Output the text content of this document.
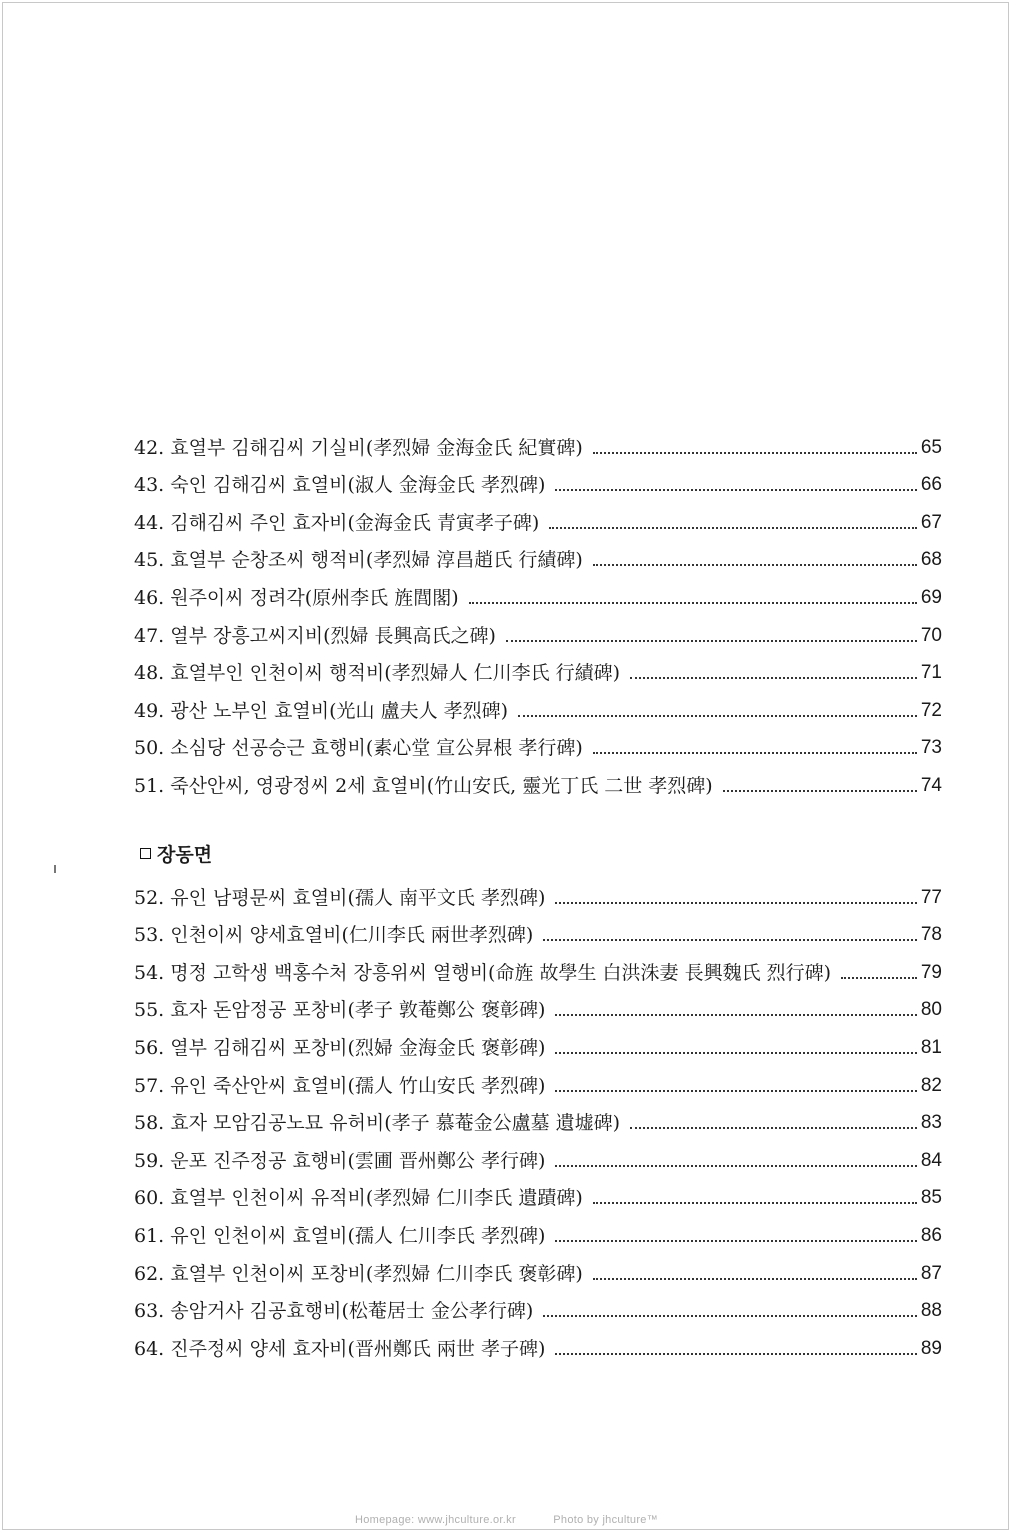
42. 효열부 김해김씨 기실비(孝烈婦 金海金氏 紀實碑)	65
43. 숙인 김해김씨 효열비(淑人 金海金氏 孝烈碑)	66
44. 김해김씨 주인 효자비(金海金氏 青寅孝子碑)	67
45. 효열부 순창조씨 행적비(孝烈婦 淳昌趙氏 行績碑)	68
46. 원주이씨 정려각(原州李氏 旌閭閣)	69
47. 열부 장흥고씨지비(烈婦 長興高氏之碑)	70
48. 효열부인 인천이씨 행적비(孝烈婦人 仁川李氏 行績碑)	71
49. 광산 노부인 효열비(光山 盧夫人 孝烈碑)	72
50. 소심당 선공승근 효행비(素心堂 宣公昇根 孝行碑)	73
51. 죽산안씨, 영광정씨 2세 효열비(竹山安氏, 靈光丁氏 二世 孝烈碑)	74
장동면
52. 유인 남평문씨 효열비(孺人 南平文氏 孝烈碑)	77
53. 인천이씨 양세효열비(仁川李氏 兩世孝烈碑)	78
54. 명정 고학생 백홍수처 장흥위씨 열행비(命旌 故學生 白洪洙妻 長興魏氏 烈行碑)	79
55. 효자 돈암정공 포창비(孝子 敦菴鄭公 褒彰碑)	80
56. 열부 김해김씨 포창비(烈婦 金海金氏 褒彰碑)	81
57. 유인 죽산안씨 효열비(孺人 竹山安氏 孝烈碑)	82
58. 효자 모암김공노묘 유허비(孝子 慕菴金公盧墓 遺墟碑)	83
59. 운포 진주정공 효행비(雲圃 晋州鄭公 孝行碑)	84
60. 효열부 인천이씨 유적비(孝烈婦 仁川李氏 遺蹟碑)	85
61. 유인 인천이씨 효열비(孺人 仁川李氏 孝烈碑)	86
62. 효열부 인천이씨 포창비(孝烈婦 仁川李氏 褒彰碑)	87
63. 송암거사 김공효행비(松菴居士 金公孝行碑)	88
64. 진주정씨 양세 효자비(晋州鄭氏 兩世 孝子碑)	89
Homepage: www.jhculture.or.kr	Photo by jhculture™
